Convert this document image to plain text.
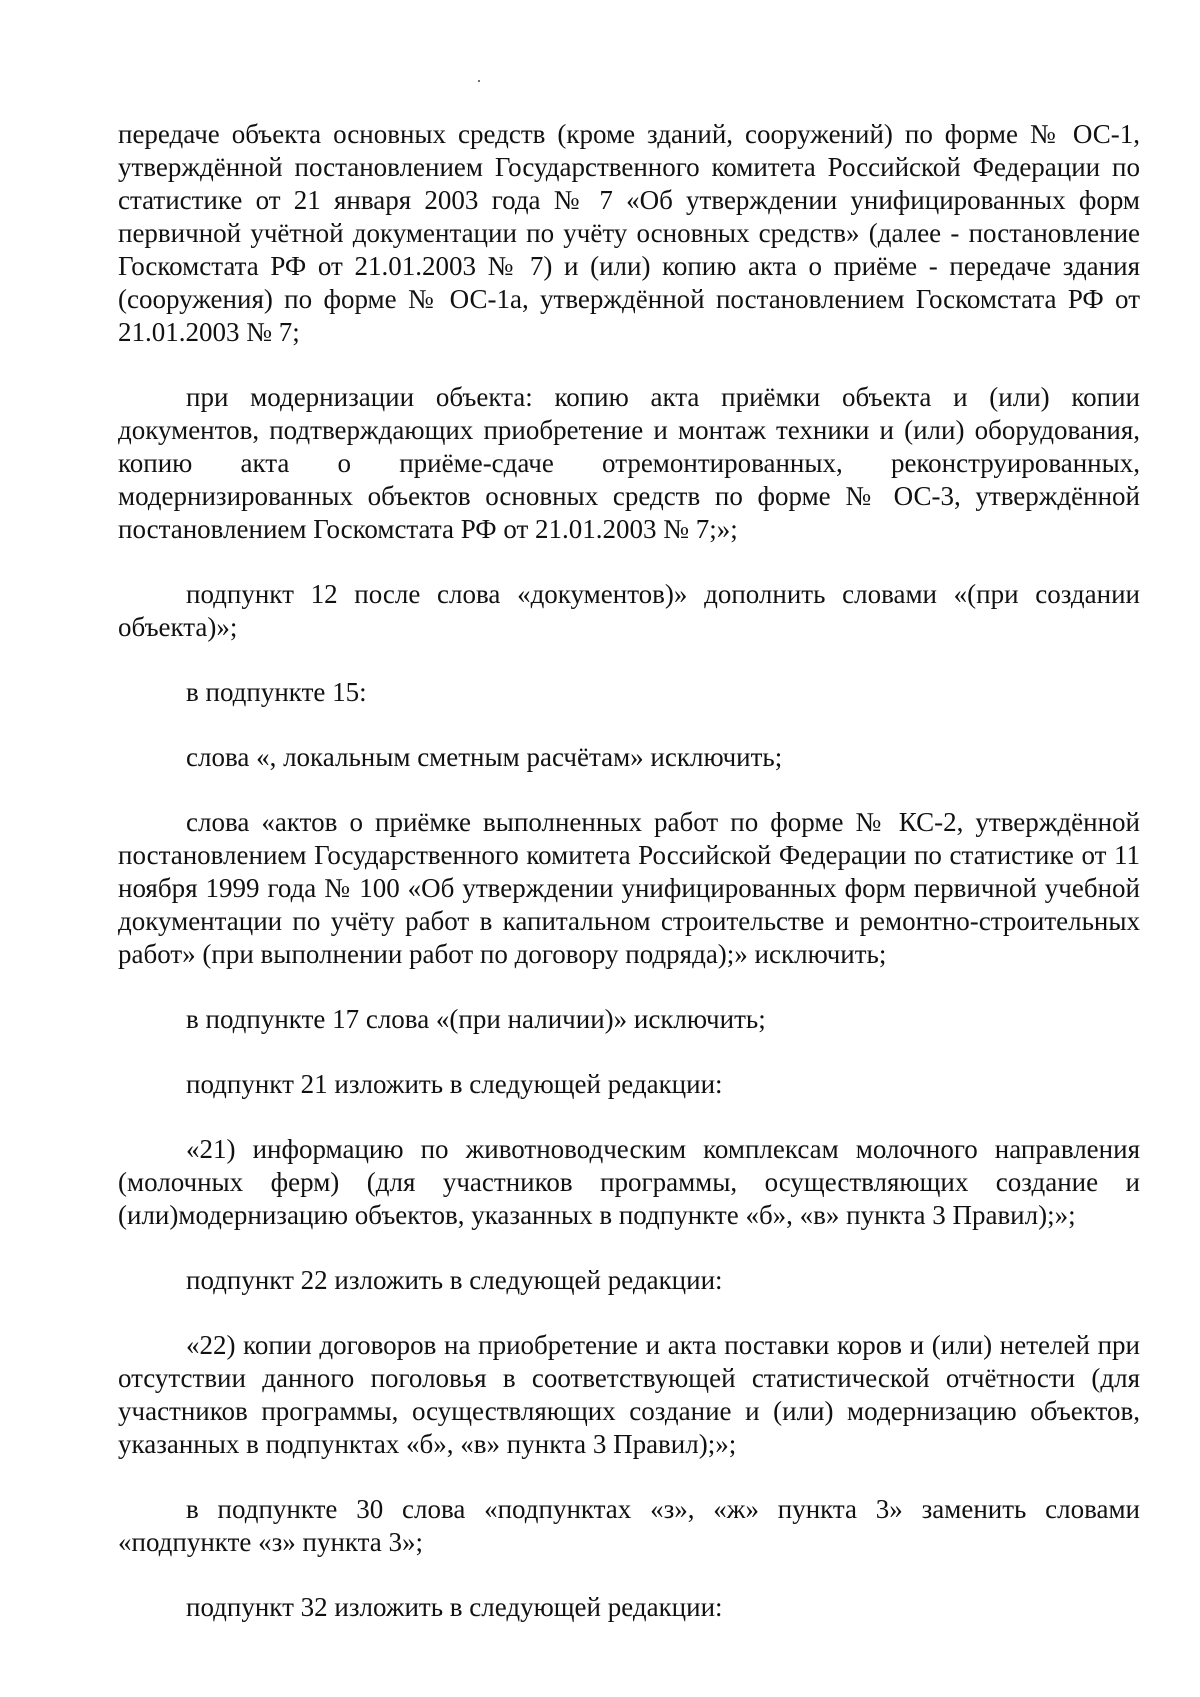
передаче объекта основных средств (кроме зданий, сооружений) по форме № ОС-1, утверждённой постановлением Государственного комитета Российской Федерации по статистике от 21 января 2003 года № 7 «Об утверждении унифицированных форм первичной учётной документации по учёту основных средств» (далее - постановление Госкомстата РФ от 21.01.2003 № 7) и (или) копию акта о приёме - передаче здания (сооружения) по форме № ОС-1а, утверждённой постановлением Госкомстата РФ от 21.01.2003 № 7;

при модернизации объекта: копию акта приёмки объекта и (или) копии документов, подтверждающих приобретение и монтаж техники и (или) оборудования, копию акта о приёме-сдаче отремонтированных, реконструированных, модернизированных объектов основных средств по форме № ОС-3, утверждённой постановлением Госкомстата РФ от 21.01.2003 № 7;»;

подпункт 12 после слова «документов)» дополнить словами «(при создании объекта)»;

в подпункте 15:

слова «, локальным сметным расчётам» исключить;

слова «актов о приёмке выполненных работ по форме № КС-2, утверждённой постановлением Государственного комитета Российской Федерации по статистике от 11 ноября 1999 года № 100 «Об утверждении унифицированных форм первичной учебной документации по учёту работ в капитальном строительстве и ремонтно-строительных работ» (при выполнении работ по договору подряда);» исключить;

в подпункте 17 слова «(при наличии)» исключить;

подпункт 21 изложить в следующей редакции:

«21) информацию по животноводческим комплексам молочного направления (молочных ферм) (для участников программы, осуществляющих создание и (или)модернизацию объектов, указанных в подпункте «б», «в» пункта 3 Правил);»;

подпункт 22 изложить в следующей редакции:

«22) копии договоров на приобретение и акта поставки коров и (или) нетелей при отсутствии данного поголовья в соответствующей статистической отчётности (для участников программы, осуществляющих создание и (или) модернизацию объектов, указанных в подпунктах «б», «в» пункта 3 Правил);»;

в подпункте 30 слова «подпунктах «з», «ж» пункта 3» заменить словами «подпункте «з» пункта 3»;

подпункт 32 изложить в следующей редакции:
